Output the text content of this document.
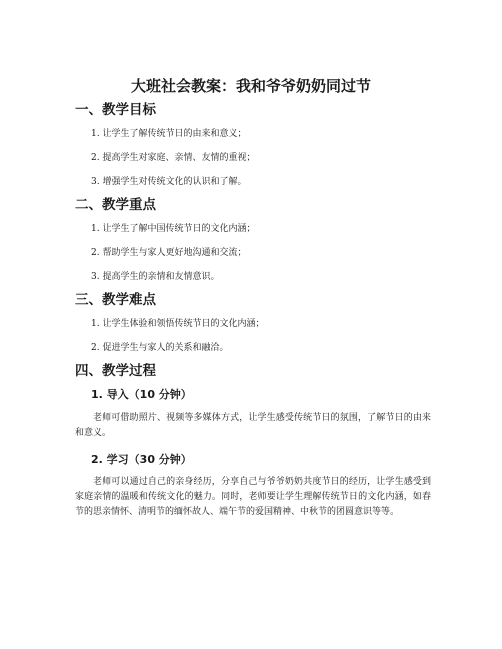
大班社会教案：我和爷爷奶奶同过节
一、教学目标

1. 让学生了解传统节日的由来和意义；

2. 提高学生对家庭、亲情、友情的重视；

3. 增强学生对传统文化的认识和了解。

二、教学重点

1. 让学生了解中国传统节日的文化内涵；

2. 帮助学生与家人更好地沟通和交流；

3. 提高学生的亲情和友情意识。

三、教学难点

1. 让学生体验和领悟传统节日的文化内涵；

2. 促进学生与家人的关系和融洽。

四、教学过程
1. 导入（10 分钟）

老师可借助照片、视频等多媒体方式，让学生感受传统节日的氛围，了解节日的由来和意义。

2. 学习（30 分钟）

老师可以通过自己的亲身经历，分享自己与爷爷奶奶共度节日的经历，让学生感受到家庭亲情的温暖和传统文化的魅力。同时，老师要让学生理解传统节日的文化内涵，如春节的思亲情怀、清明节的缅怀故人、端午节的爱国精神、中秋节的团圆意识等等。
